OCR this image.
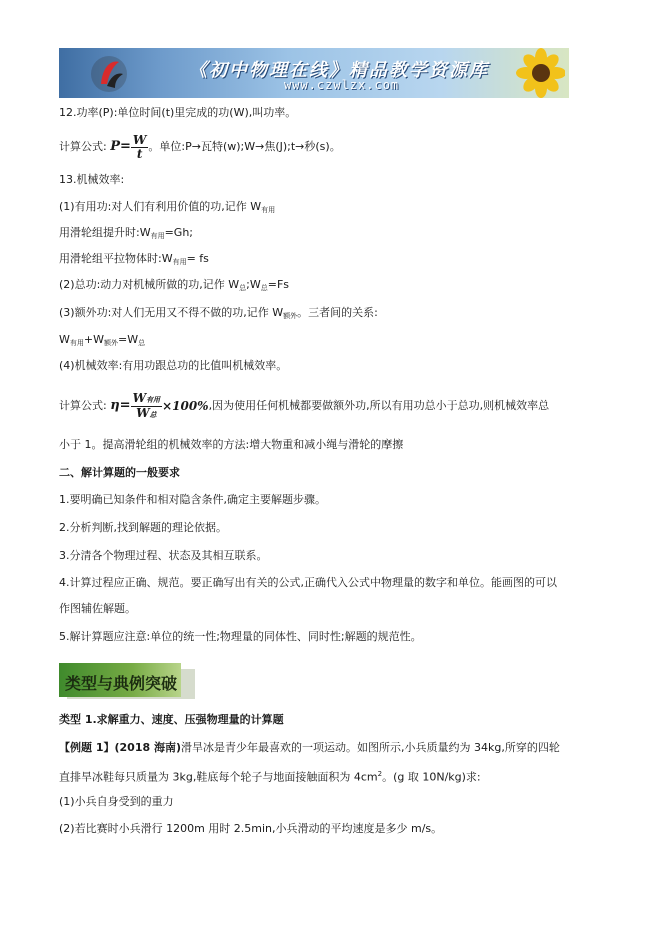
《初中物理在线》精品教学资源库
www.czwlzx.com
12.功率(P):单位时间(t)里完成的功(W),叫功率。
计算公式: $P= \frac{W}{t}$ 。单位:P→瓦特(w);W→焦(J);t→秒(s)。
13.机械效率:
(1)有用功:对人们有利用价值的功,记作 $W_{有用}$
用滑轮组提升时$:W_{有用}=Gh$;
用滑轮组平拉物体时$:W_{有用}=$ fs
(2)总功:动力对机械所做的功,记作 $W_总;W_总=Fs$
(3)额外功:对人们无用又不得不做的功,记作 $W_{额外}$。三者间的关系:
$W_{有用}+W_{额外}=W_总$
(4)机械效率:有用功跟总功的比值叫机械效率。
计算公式: $\eta= \frac{\text{W有用}}{\text{W总}} \times 100\%$,因为使用任何机械都要做额外功,所以有用功总小于总功,则机械效率总
小于 1。提高滑轮组的机械效率的方法:增大物重和减小绳与滑轮的摩擦
二、解计算题的一般要求
1.要明确已知条件和相对隐含条件,确定主要解题步骤。
2.分析判断,找到解题的理论依据。
3.分清各个物理过程、状态及其相互联系。
4.计算过程应正确、规范。要正确写出有关的公式,正确代入公式中物理量的数字和单位。能画图的可以
作图辅佐解题。
5.解计算题应注意:单位的统一性;物理量的同体性、同时性;解题的规范性。
类型与典例突破
类型 1.求解重力、速度、压强物理量的计算题
【例题 1】(2018 海南)滑旱冰是青少年最喜欢的一项运动。如图所示,小兵质量约为 34kg,所穿的四轮
直排旱冰鞋每只质量为 3kg,鞋底每个轮子与地面接触面积为 $4cm^2$。(g 取 10N/kg)求:
(1)小兵自身受到的重力
(2)若比赛时小兵滑行 1200m 用时 2.5min,小兵滑动的平均速度是多少 m/s。
